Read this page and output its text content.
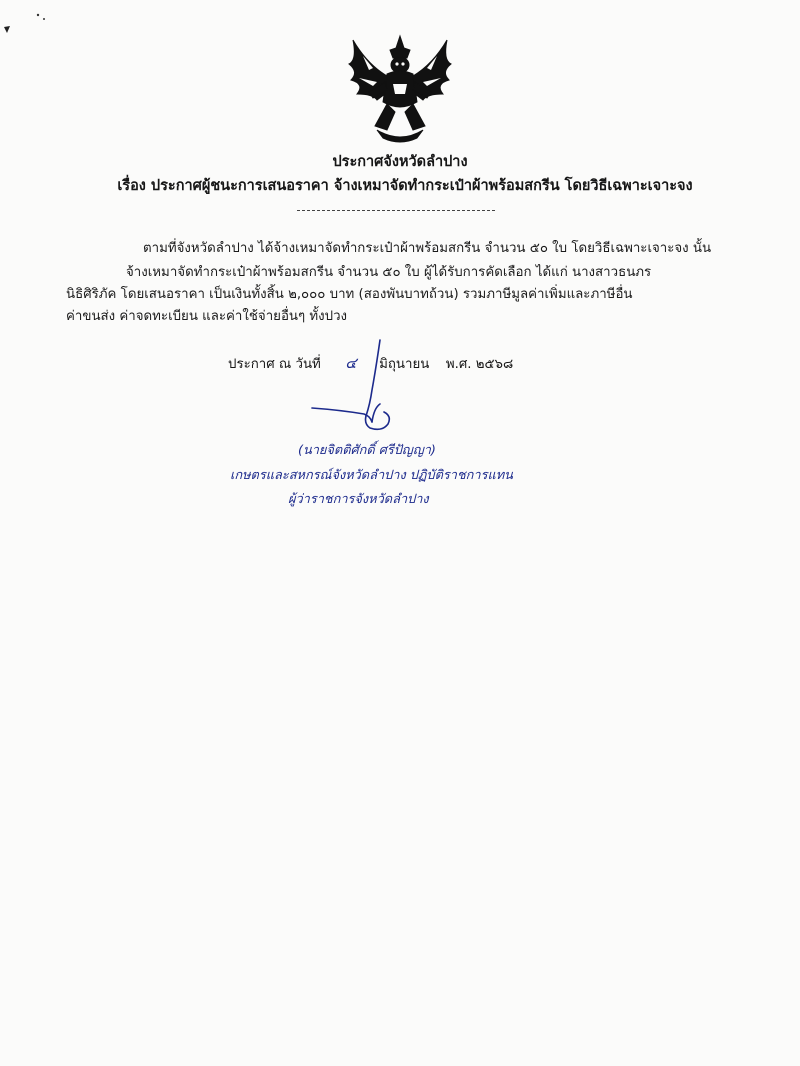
ประกาศจังหวัดลำปาง
เรื่อง ประกาศผู้ชนะการเสนอราคา จ้างเหมาจัดทำกระเป๋าผ้าพร้อมสกรีน โดยวิธีเฉพาะเจาะจง
ตามที่จังหวัดลำปาง ได้จ้างเหมาจัดทำกระเป๋าผ้าพร้อมสกรีน จำนวน ๕๐ ใบ โดยวิธีเฉพาะเจาะจง นั้น
จ้างเหมาจัดทำกระเป๋าผ้าพร้อมสกรีน จำนวน ๕๐ ใบ ผู้ได้รับการคัดเลือก ได้แก่ นางสาวธนภร
นิธิศิริภัค โดยเสนอราคา เป็นเงินทั้งสิ้น ๒,๐๐๐ บาท (สองพันบาทถ้วน) รวมภาษีมูลค่าเพิ่มและภาษีอื่น
ค่าขนส่ง ค่าจดทะเบียน และค่าใช้จ่ายอื่นๆ ทั้งปวง
ประกาศ ณ วันที่ ๔ มิถุนายน พ.ศ. ๒๕๖๘
(นายจิตติศักดิ์ ศรีปัญญา)
เกษตรและสหกรณ์จังหวัดลำปาง ปฏิบัติราชการแทน
ผู้ว่าราชการจังหวัดลำปาง
